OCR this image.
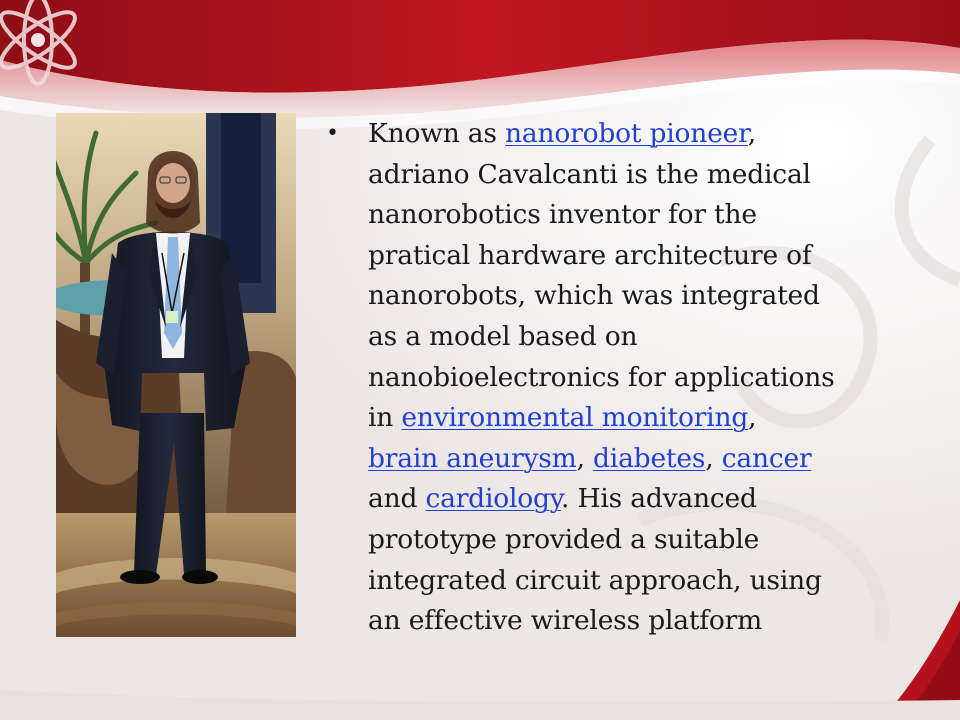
• Known as nanorobot pioneer,
adriano Cavalcanti is the medical
nanorobotics inventor for the
pratical hardware architecture of
nanorobots, which was integrated
as a model based on
nanobioelectronics for applications
in environmental monitoring,
brain aneurysm, diabetes, cancer
and cardiology. His advanced
prototype provided a suitable
integrated circuit approach, using
an effective wireless platform
